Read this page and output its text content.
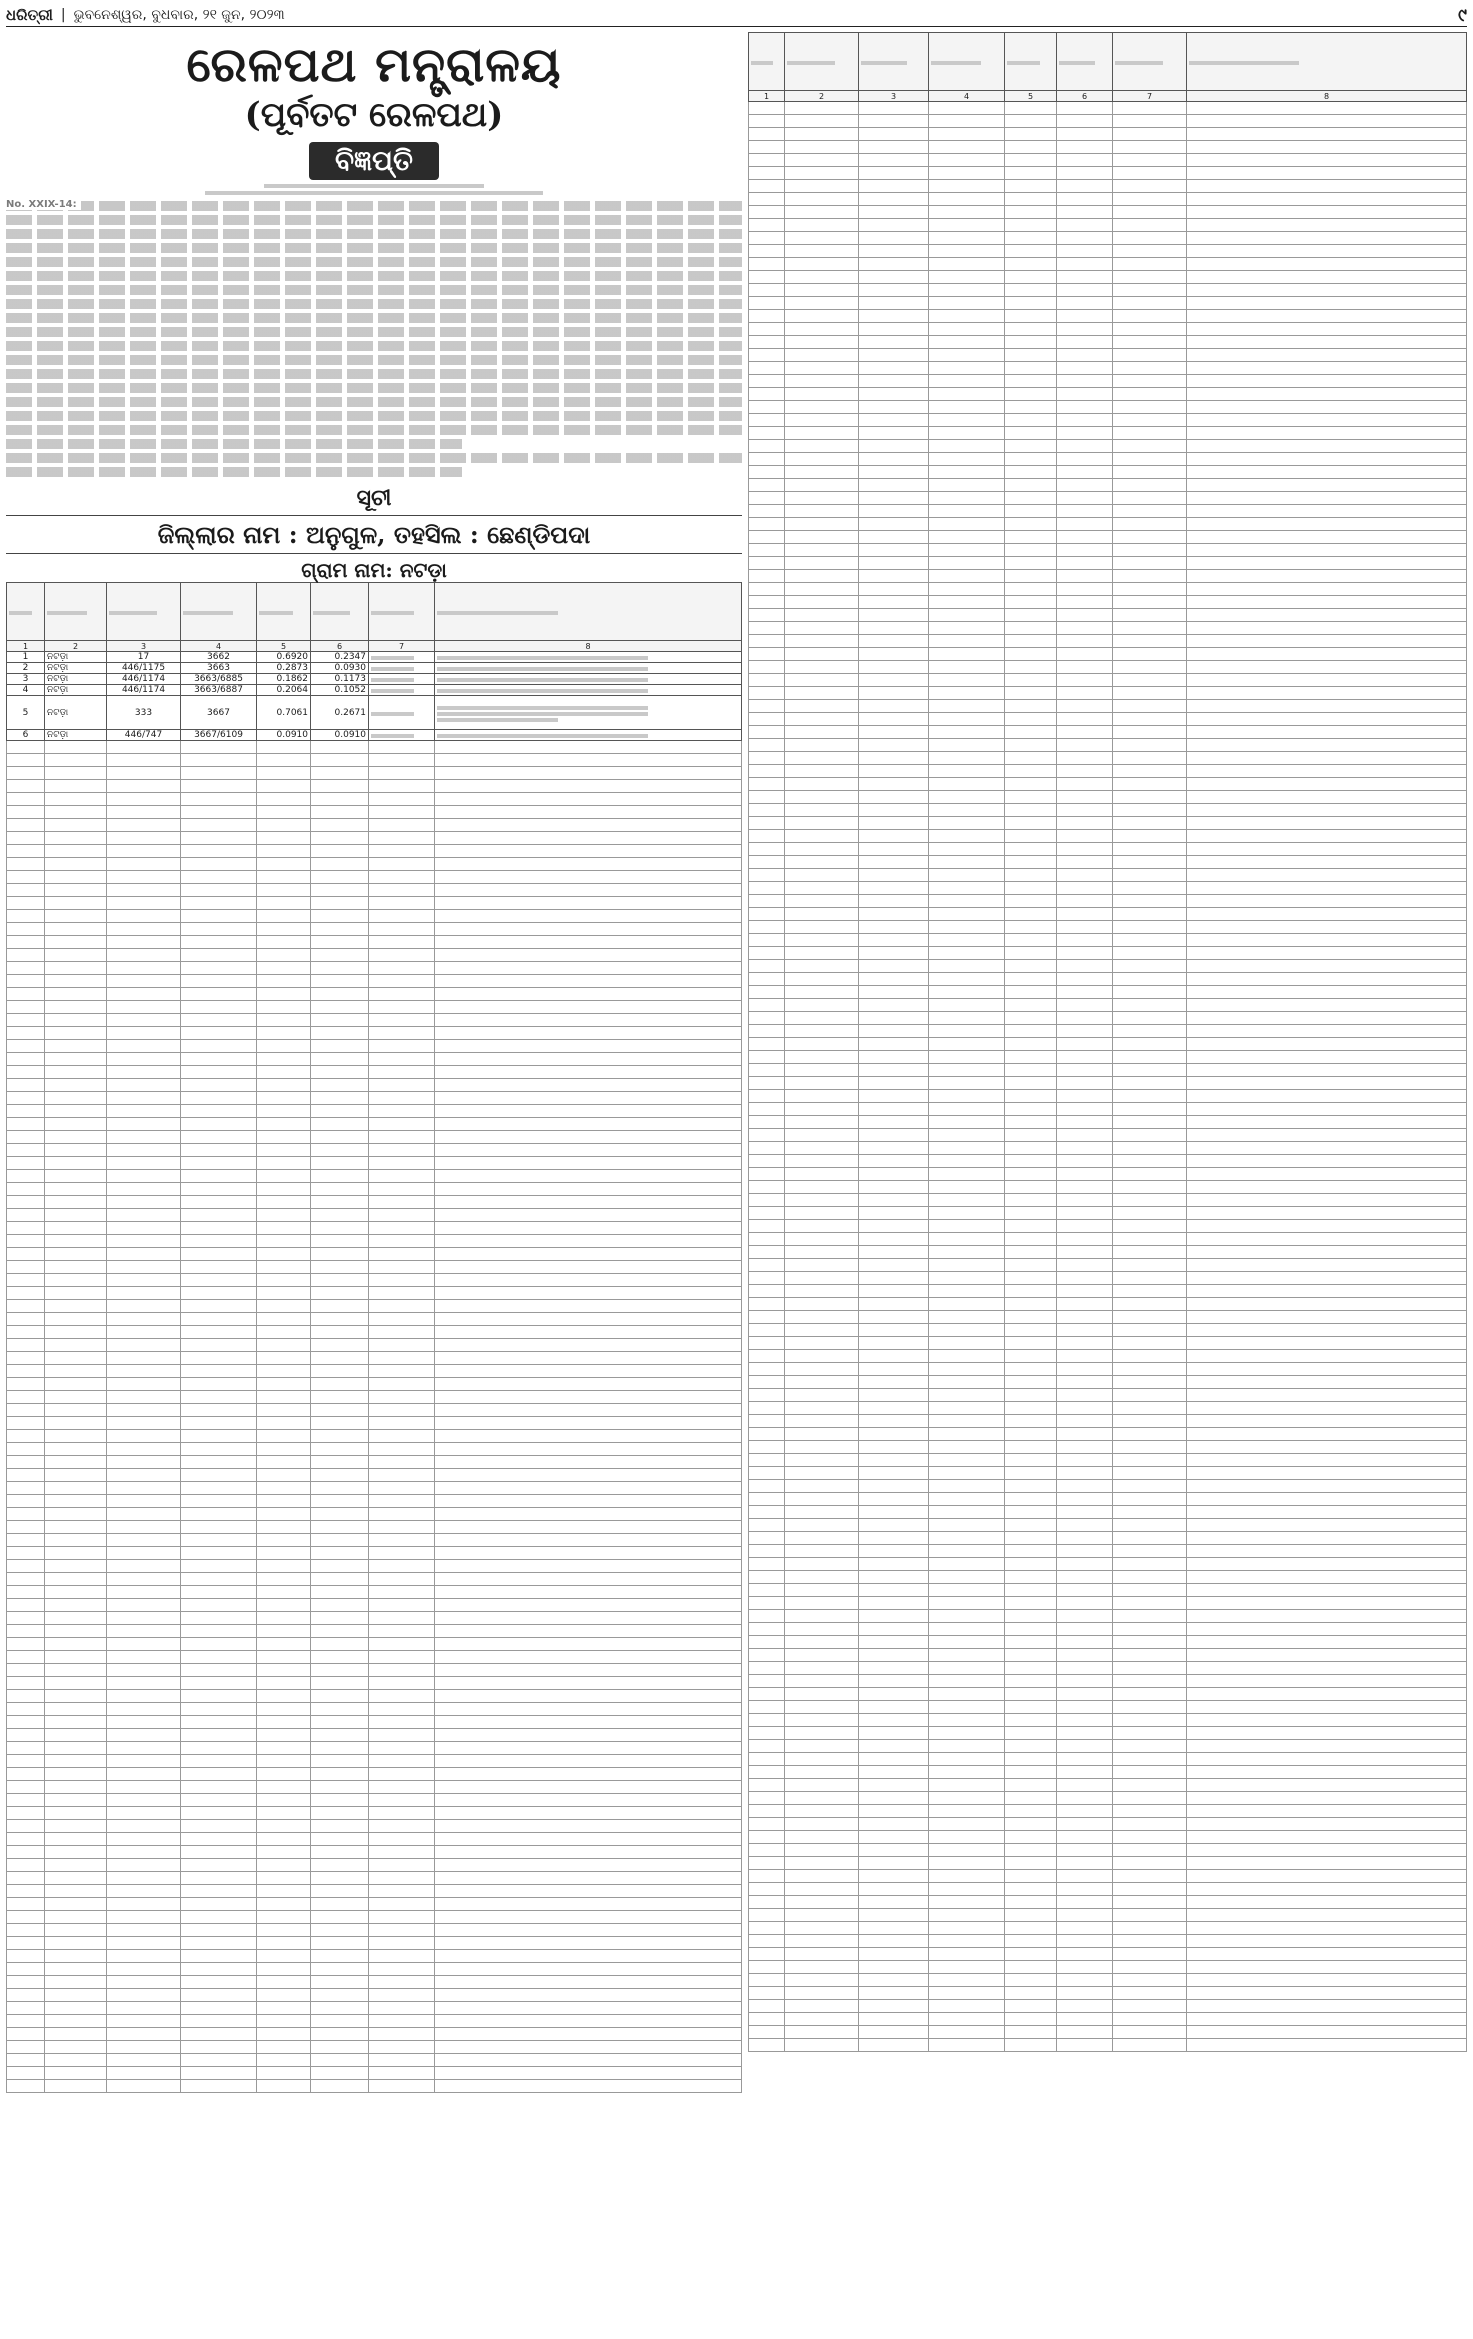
ଧରିତ୍ରୀ | ଭୁବନେଶ୍ୱର, ବୁଧବାର, ୨୧ ଜୁନ, ୨୦୨୩	୯
ରେଳପଥ ମନ୍ତ୍ରାଳୟ
(ପୂର୍ବତଟ ରେଳପଥ)
ବିଜ୍ଞପ୍ତି
No. XXIX-14:
ସୂଚୀ
ଜିଲ୍ଲାର ନାମ : ଅନୁଗୁଳ, ତହସିଲ : ଛେଣ୍ଡିପଦା
ଗ୍ରାମ ନାମ: ନଟଡ଼ା

1	2	3	4	5	6	7	8
1	ନଟଡ଼ା	17	3662	0.6920	0.2347	

2	ନଟଡ଼ା	446/1175	3663	0.2873	0.0930	

3	ନଟଡ଼ା	446/1174	3663/6885	0.1862	0.1173	

4	ନଟଡ଼ା	446/1174	3663/6887	0.2064	0.1052	

5	ନଟଡ଼ା	333	3667	0.7061	0.2671	

6	ନଟଡ଼ା	446/747	3667/6109	0.0910	0.0910	

1	2	3	4	5	6	7	8
